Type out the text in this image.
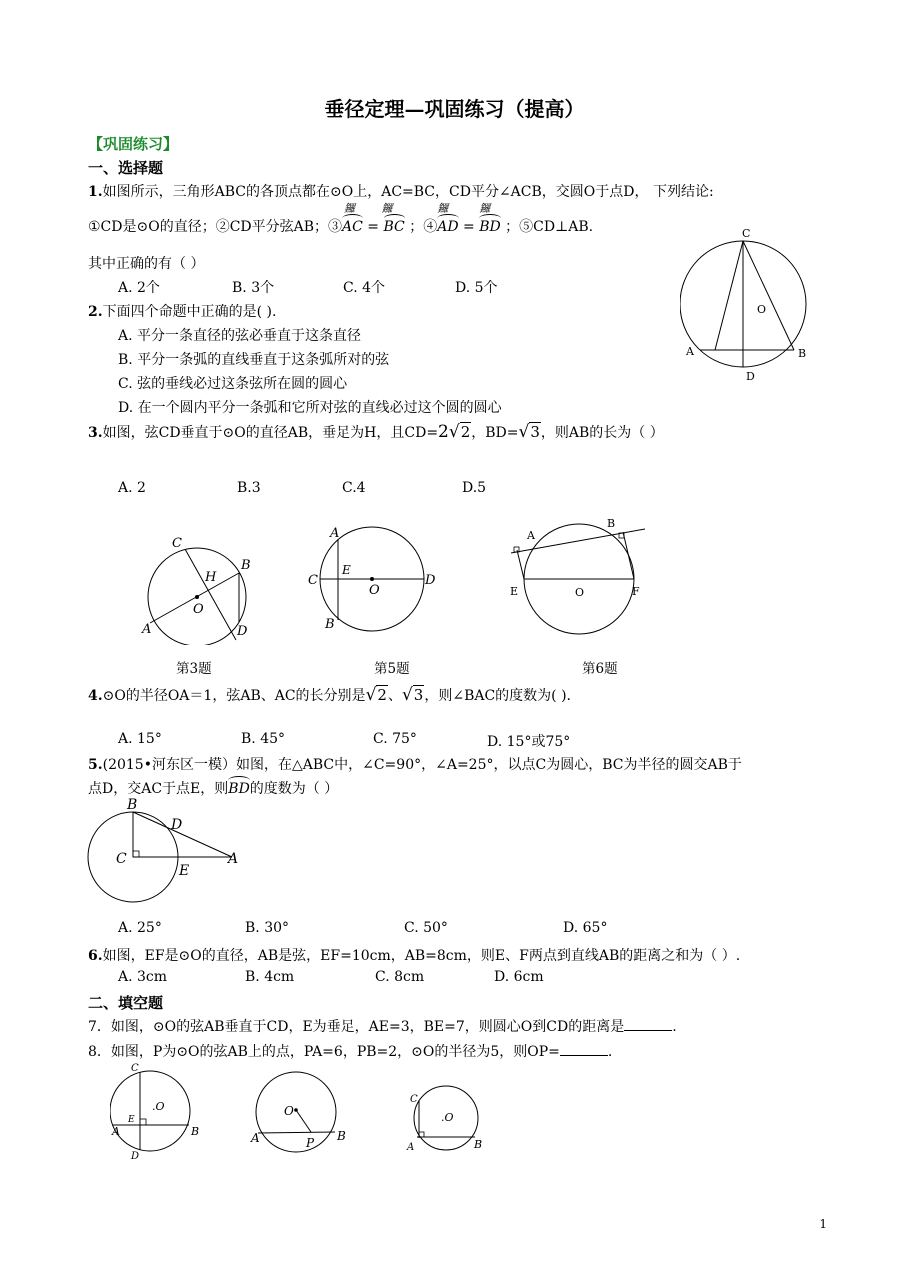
垂径定理—巩固练习（提高）
【巩固练习】
一、选择题
1.如图所示，三角形ABC的各顶点都在⊙O上，AC=BC，CD平分∠ACB，交圆O于点D， 下列结论:
①CD是⊙O的直径；②CD平分弦AB；③
鑼
AC =
鑼
BC ；④
鑼
AD =
鑼
BD ；⑤CD⊥AB.
其中正确的有（ ）
A. 2个	B. 3个	C. 4个	D. 5个
C
O
A
D
B
2.下面四个命题中正确的是( ).
A. 平分一条直径的弦必垂直于这条直径
B. 平分一条弧的直线垂直于这条弧所对的弦
C. 弦的垂线必过这条弦所在圆的圆心
D. 在一个圆内平分一条弧和它所对弦的直线必过这个圆的圆心
3.如图，弦CD垂直于⊙O的直径AB，垂足为H，且CD=2√2，BD=√3，则AB的长为（ ）
A. 2	B.3	C.4	D.5
C
H
B
O
A	D
A
C
E
O
D
B
A
B
E	O	F
第3题	第5题	第6题
4.⊙O的半径OA＝1，弦AB、AC的长分别是√2、√3，则∠BAC的度数为( ).
A. 15°	B. 45°	C. 75°	D. 15°或75°
5.(2015•河东区一模）如图，在△ABC中，∠C=90°，∠A=25°，以点C为圆心，BC为半径的圆交AB于
点D，交AC于点E，则BD的度数为（ ）
B
D
C
E
A
A. 25°	B. 30°	C. 50°	D. 65°
6.如图，EF是⊙O的直径，AB是弦，EF=10cm，AB=8cm，则E、F两点到直线AB的距离之和为（ ）.
A. 3cm	B. 4cm	C. 8cm	D. 6cm
二、填空题
7．如图，⊙O的弦AB垂直于CD，E为垂足，AE=3，BE=7，则圆心O到CD的距离是	.
8．如图，P为⊙O的弦AB上的点，PA=6，PB=2，⊙O的半径为5，则OP=	.
C
.O
E
A	B
D
O
A	P B
C
.O
A	B
1
